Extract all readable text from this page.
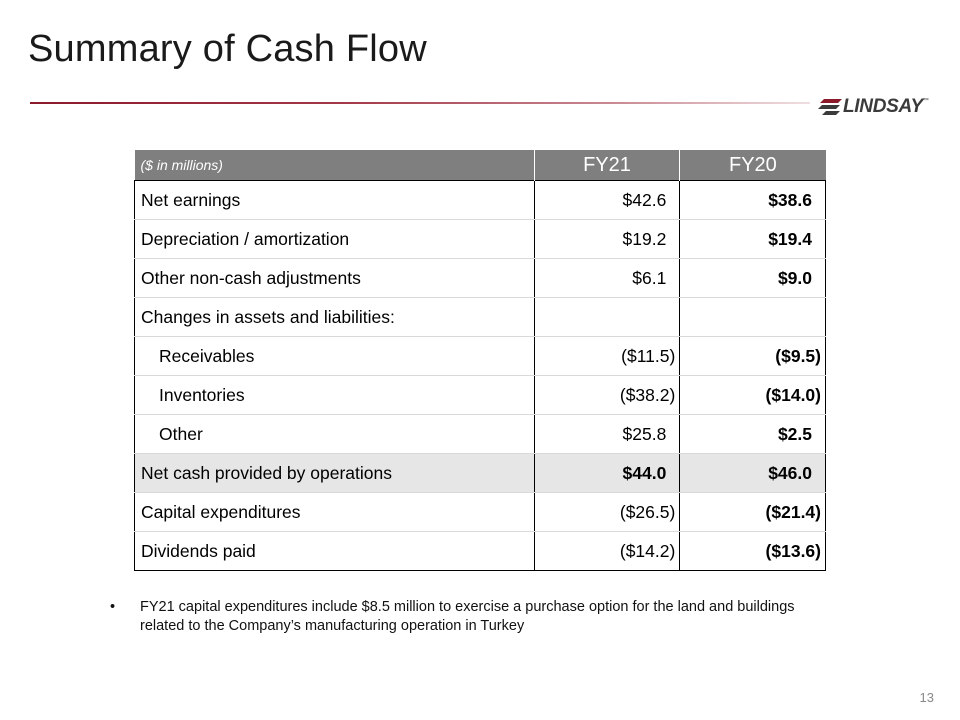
Summary of Cash Flow
LINDSAY ™
($ in millions)	FY21	FY20
Net earnings	$42.6	$38.6
Depreciation / amortization	$19.2	$19.4
Other non-cash adjustments	$6.1	$9.0
Changes in assets and liabilities:		
Receivables	($11.5)	($9.5)
Inventories	($38.2)	($14.0)
Other	$25.8	$2.5
Net cash provided by operations	$44.0	$46.0
Capital expenditures	($26.5)	($21.4)
Dividends paid	($14.2)	($13.6)
•	FY21 capital expenditures include $8.5 million to exercise a purchase option for the land and buildings related to the Company’s manufacturing operation in Turkey
13
